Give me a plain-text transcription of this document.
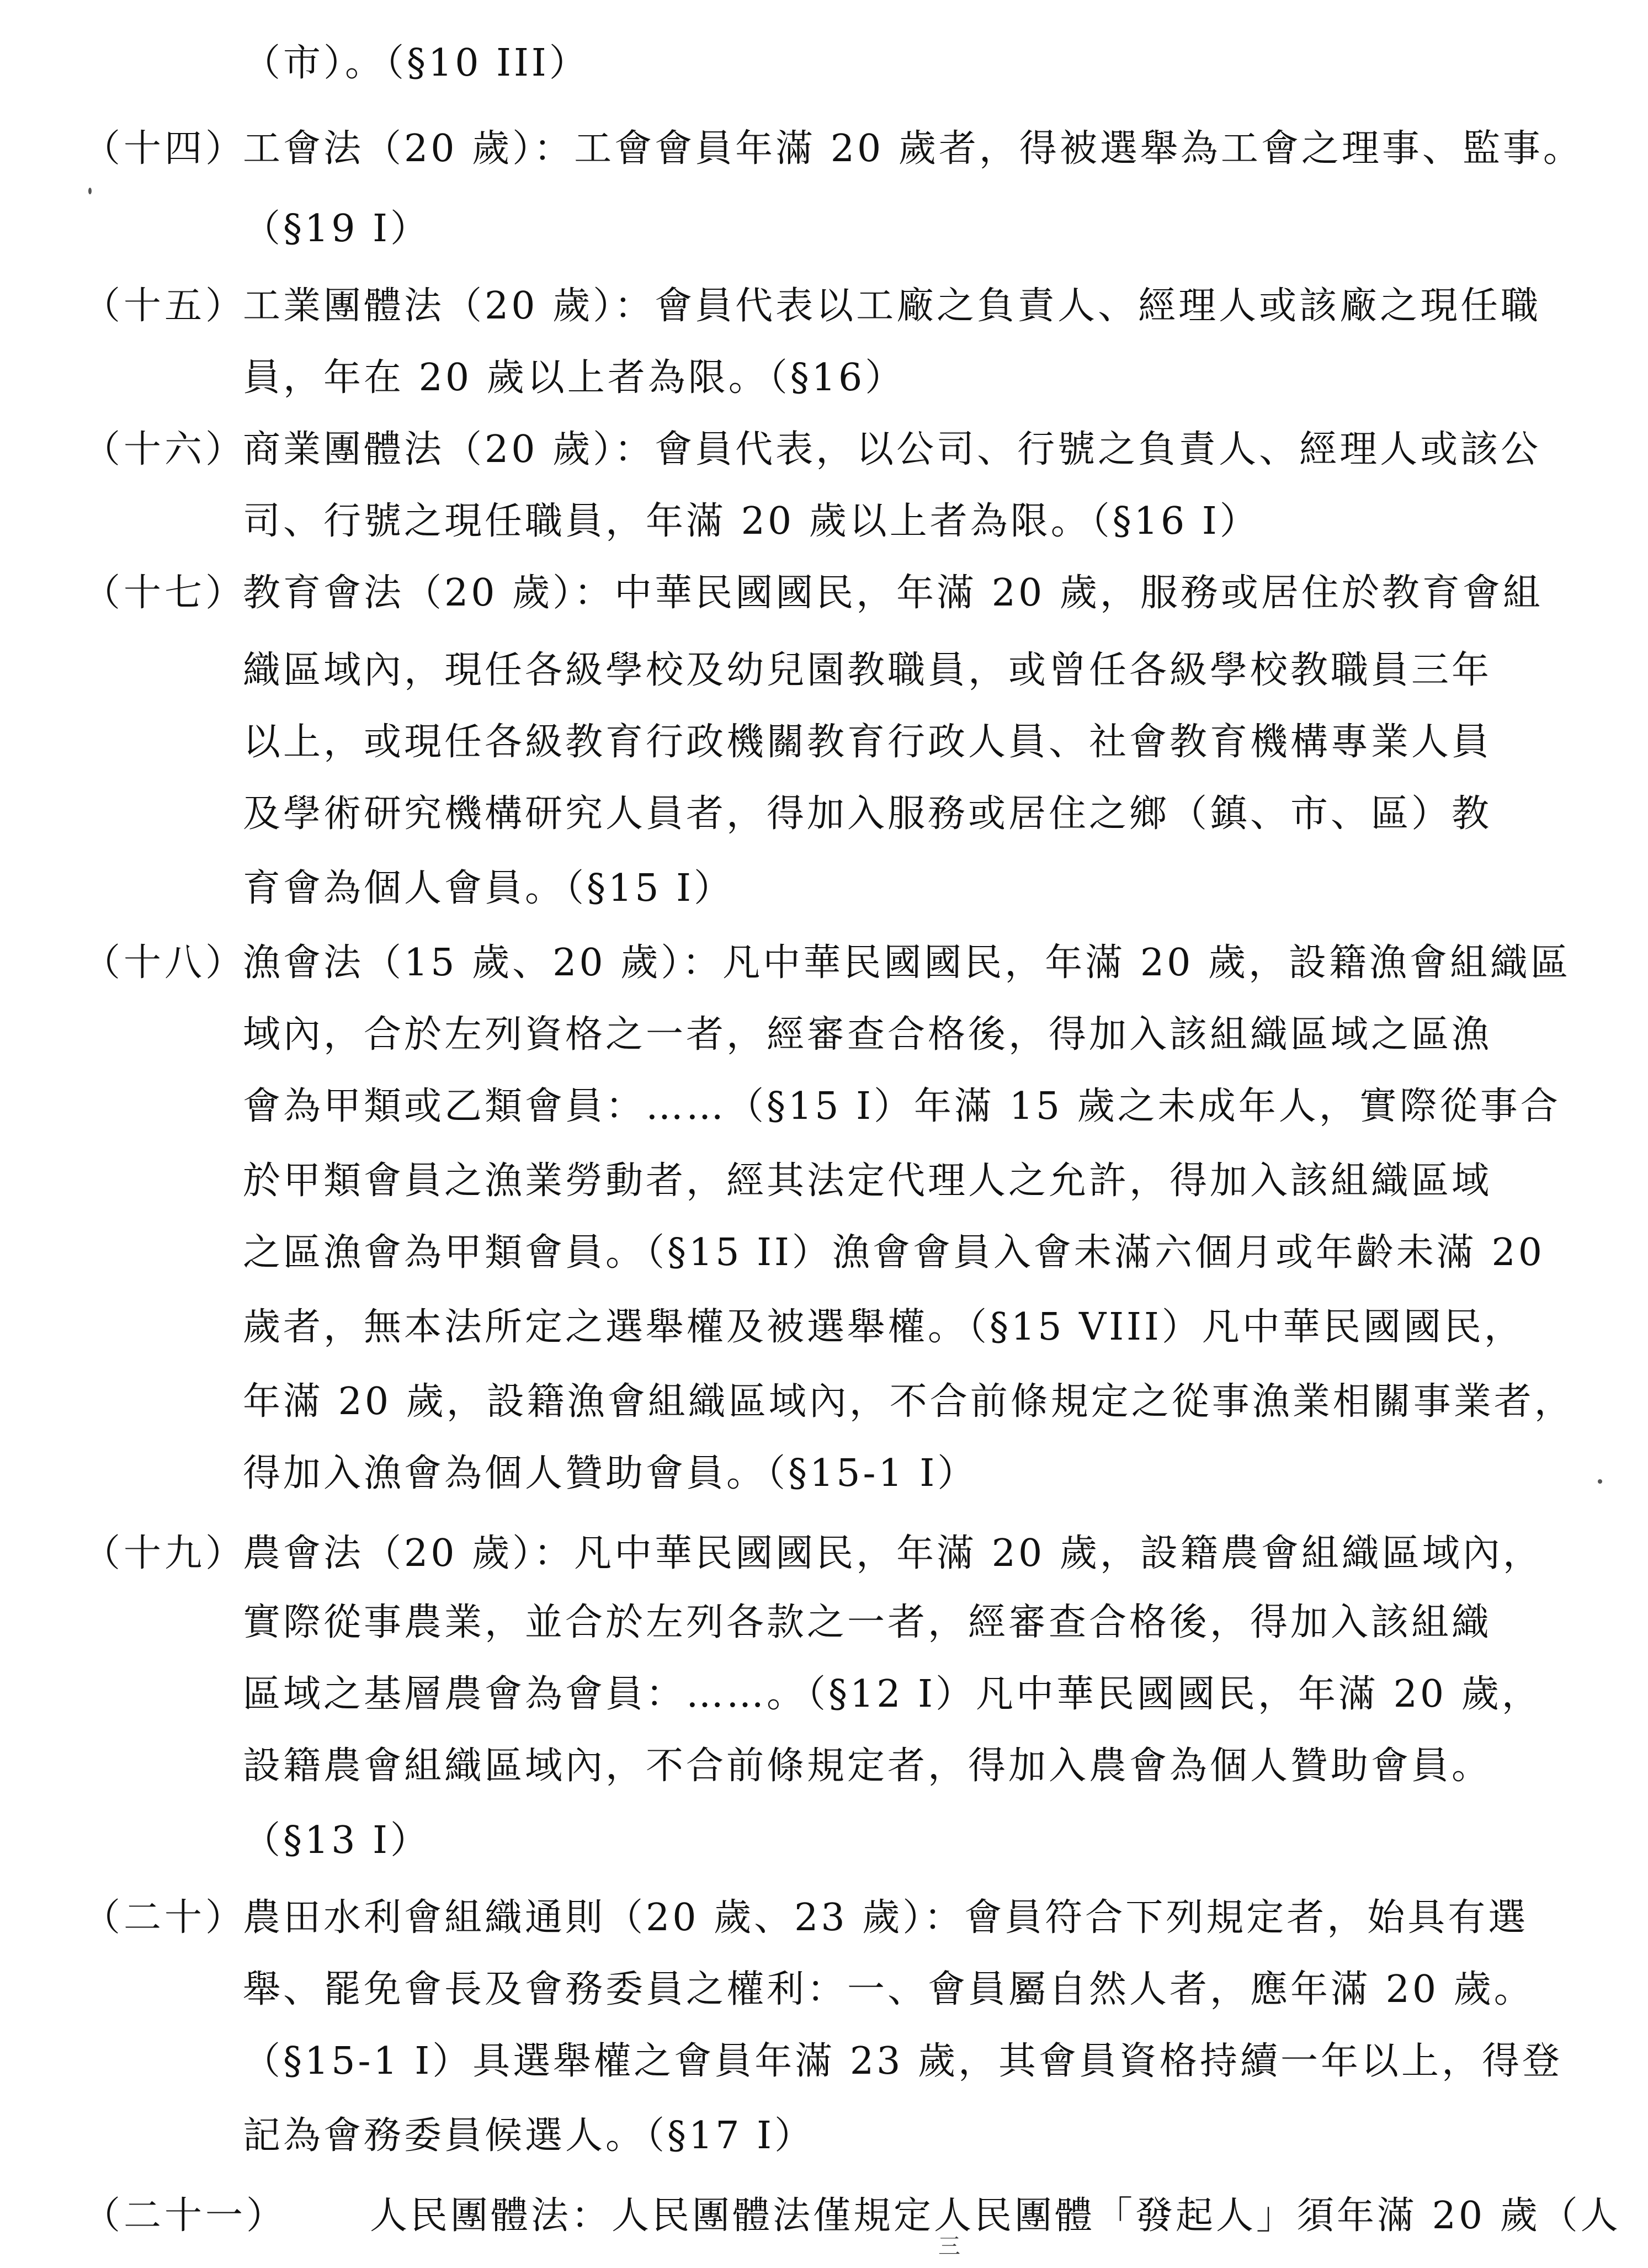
（市）。（§10 III）
（十四）
工會法（20 歲）：工會會員年滿 20 歲者，得被選舉為工會之理事、監事。
（§19 I）
（十五）
工業團體法（20 歲）：會員代表以工廠之負責人、經理人或該廠之現任職
員，年在 20 歲以上者為限。（§16）
（十六）
商業團體法（20 歲）：會員代表，以公司、行號之負責人、經理人或該公
司、行號之現任職員，年滿 20 歲以上者為限。（§16 I）
（十七）
教育會法（20 歲）：中華民國國民，年滿 20 歲，服務或居住於教育會組
織區域內，現任各級學校及幼兒園教職員，或曾任各級學校教職員三年
以上，或現任各級教育行政機關教育行政人員、社會教育機構專業人員
及學術研究機構研究人員者，得加入服務或居住之鄉（鎮、市、區）教
育會為個人會員。（§15 I）
（十八）
漁會法（15 歲、20 歲）：凡中華民國國民，年滿 20 歲，設籍漁會組織區
域內，合於左列資格之一者，經審查合格後，得加入該組織區域之區漁
會為甲類或乙類會員：……（§15 I）年滿 15 歲之未成年人，實際從事合
於甲類會員之漁業勞動者，經其法定代理人之允許，得加入該組織區域
之區漁會為甲類會員。（§15 II）漁會會員入會未滿六個月或年齡未滿 20
歲者，無本法所定之選舉權及被選舉權。（§15 VIII）凡中華民國國民，
年滿 20 歲，設籍漁會組織區域內，不合前條規定之從事漁業相關事業者，
得加入漁會為個人贊助會員。（§15-1 I）
（十九）
農會法（20 歲）：凡中華民國國民，年滿 20 歲，設籍農會組織區域內，
實際從事農業，並合於左列各款之一者，經審查合格後，得加入該組織
區域之基層農會為會員：……。（§12 I）凡中華民國國民，年滿 20 歲，
設籍農會組織區域內，不合前條規定者，得加入農會為個人贊助會員。
（§13 I）
（二十）
農田水利會組織通則（20 歲、23 歲）：會員符合下列規定者，始具有選
舉、罷免會長及會務委員之權利：一、會員屬自然人者，應年滿 20 歲。
（§15-1 I）具選舉權之會員年滿 23 歲，其會員資格持續一年以上，得登
記為會務委員候選人。（§17 I）
（二十一） 人民團體法：人民團體法僅規定人民團體「發起人」須年滿 20 歲（人
三
